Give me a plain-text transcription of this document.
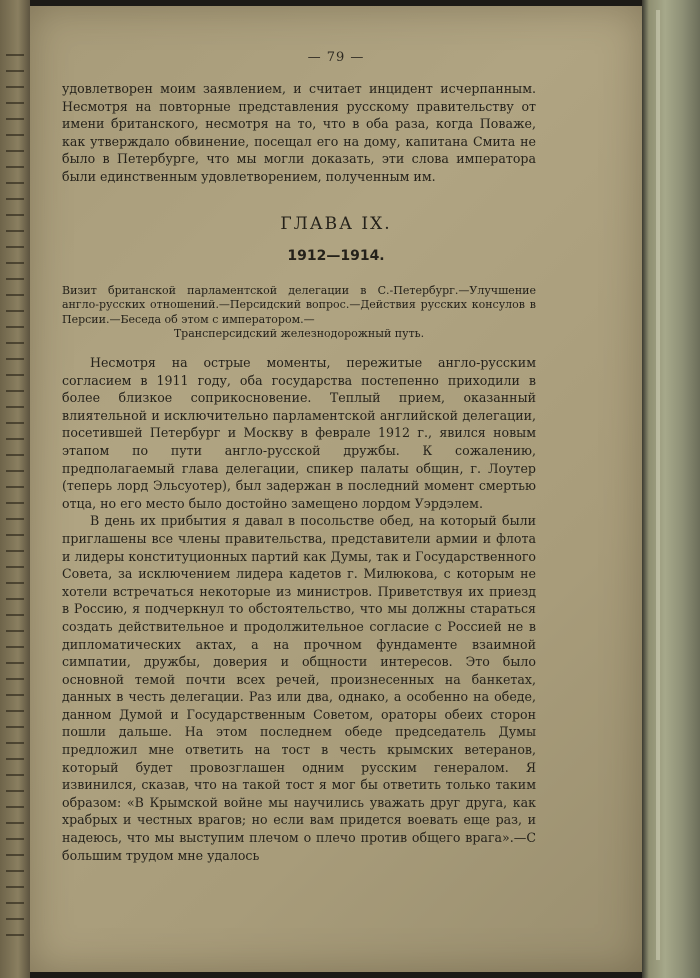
— 79 —

удовлетворен моим заявлением, и считает инцидент исчерпанным. Несмотря на повторные представления русскому правительству от имени британского, несмотря на то, что в оба раза, когда Поваже, как утверждало обвинение, посещал его на дому, капитана Смита не было в Петербурге, что мы могли доказать, эти слова императора были единственным удовлетворением, полученным им.

ГЛАВА IX.
1912—1914.

Визит британской парламентской делегации в С.-Петербург.—Улучшение англо-русских отношений.—Персидский вопрос.—Действия русских консулов в Персии.—Беседа об этом с императором.—
Трансперсидский железнодорожный путь.

Несмотря на острые моменты, пережитые англо-русским согласием в 1911 году, оба государства постепенно приходили в более близкое соприкосновение. Теплый прием, оказанный влиятельной и исключительно парламентской английской делегации, посетившей Петербург и Москву в феврале 1912 г., явился новым этапом по пути англо-русской дружбы. К сожалению, предполагаемый глава делегации, спикер палаты общин, г. Лоутер (теперь лорд Эльсуотер), был задержан в последний момент смертью отца, но его место было достойно замещено лордом Уэрдэлем.

В день их прибытия я давал в посольстве обед, на который были приглашены все члены правительства, представители армии и флота и лидеры конституционных партий как Думы, так и Государственного Совета, за исключением лидера кадетов г. Милюкова, с которым не хотели встречаться некоторые из министров. Приветствуя их приезд в Россию, я подчеркнул то обстоятельство, что мы должны стараться создать действительное и продолжительное согласие с Россией не в дипломатических актах, а на прочном фундаменте взаимной симпатии, дружбы, доверия и общности интересов. Это было основной темой почти всех речей, произнесенных на банкетах, данных в честь делегации. Раз или два, однако, а особенно на обеде, данном Думой и Государственным Советом, ораторы обеих сторон пошли дальше. На этом последнем обеде председатель Думы предложил мне ответить на тост в честь крымских ветеранов, который будет провозглашен одним русским генералом. Я извинился, сказав, что на такой тост я мог бы ответить только таким образом: «В Крымской войне мы научились уважать друг друга, как храбрых и честных врагов; но если вам придется воевать еще раз, и надеюсь, что мы выступим плечом о плечо против общего врага».—С большим трудом мне удалось
